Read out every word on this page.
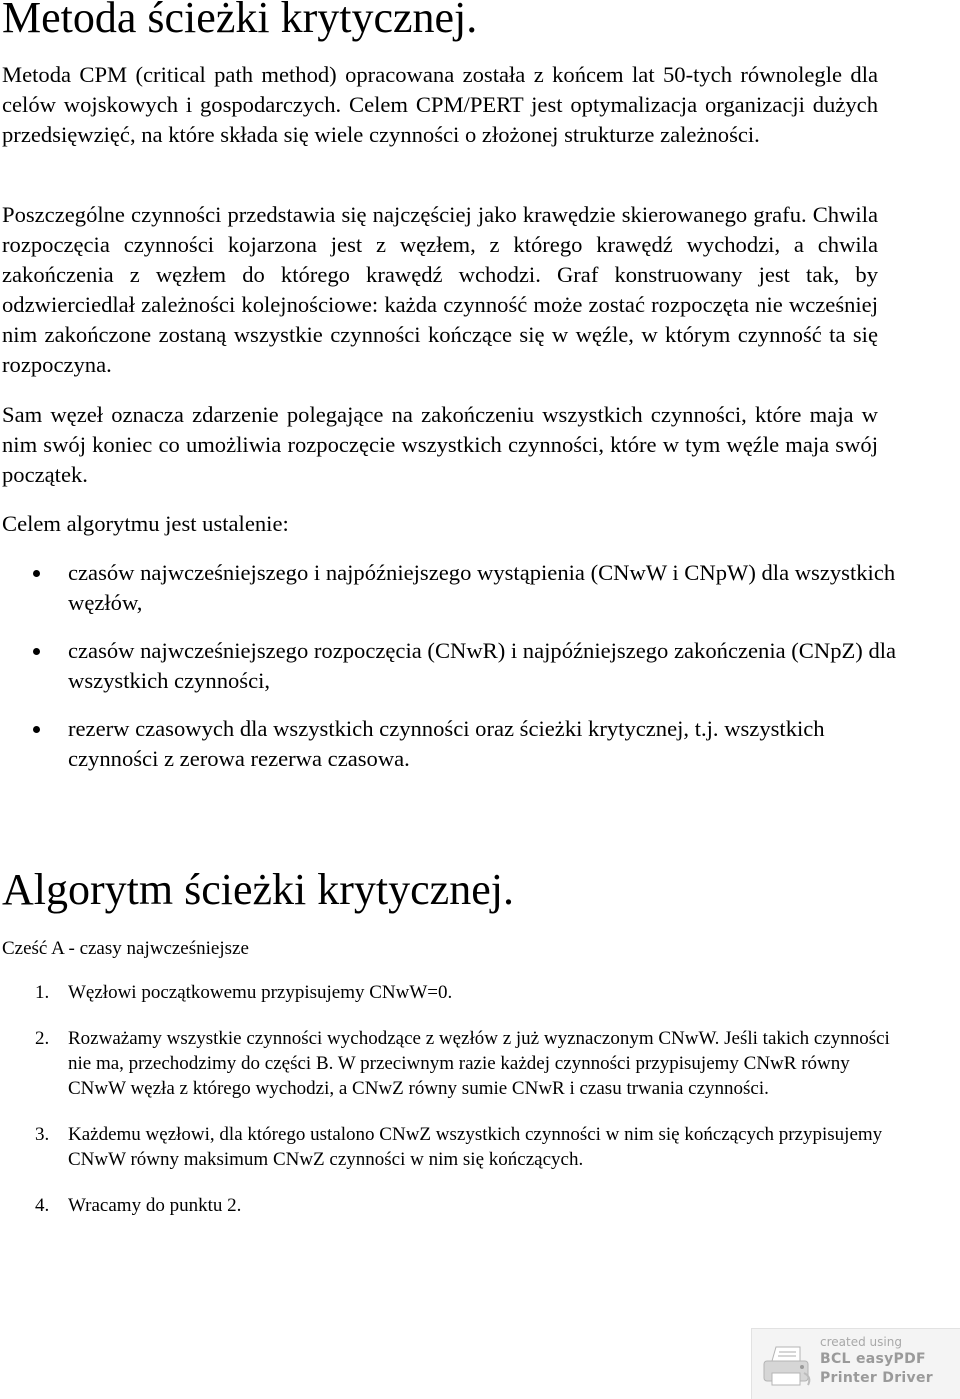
Metoda ścieżki krytycznej.

Metoda CPM (critical path method) opracowana została z końcem lat 50-tych równolegle dla celów wojskowych i gospodarczych. Celem CPM/PERT jest optymalizacja organizacji dużych przedsięwzięć, na które składa się wiele czynności o złożonej strukturze zależności.

Poszczególne czynności przedstawia się najczęściej jako krawędzie skierowanego grafu. Chwila rozpoczęcia czynności kojarzona jest z węzłem, z którego krawędź wychodzi, a chwila zakończenia z węzłem do którego krawędź wchodzi. Graf konstruowany jest tak, by odzwierciedlał zależności kolejnościowe: każda czynność może zostać rozpoczęta nie wcześniej nim zakończone zostaną wszystkie czynności kończące się w węźle, w którym czynność ta się rozpoczyna.

Sam węzeł oznacza zdarzenie polegające na zakończeniu wszystkich czynności, które maja w nim swój koniec co umożliwia rozpoczęcie wszystkich czynności, które w tym węźle maja swój początek.

Celem algorytmu jest ustalenie:

czasów najwcześniejszego i najpóźniejszego wystąpienia (CNwW i CNpW) dla wszystkich węzłów,
czasów najwcześniejszego rozpoczęcia (CNwR) i najpóźniejszego zakończenia (CNpZ) dla wszystkich czynności,
rezerw czasowych dla wszystkich czynności oraz ścieżki krytycznej, t.j. wszystkich czynności z zerowa rezerwa czasowa.
Algorytm ścieżki krytycznej.

Cześć A - czasy najwcześniejsze

1. Węzłowi początkowemu przypisujemy CNwW=0.
2. Rozważamy wszystkie czynności wychodzące z węzłów z już wyznaczonym CNwW. Jeśli takich czynności nie ma, przechodzimy do części B. W przeciwnym razie każdej czynności przypisujemy CNwR równy CNwW węzła z którego wychodzi, a CNwZ równy sumie CNwR i czasu trwania czynności.
3. Każdemu węzłowi, dla którego ustalono CNwZ wszystkich czynności w nim się kończących przypisujemy CNwW równy maksimum CNwZ czynności w nim się kończących.
4. Wracamy do punktu 2.
created using
BCL easyPDF
Printer Driver
